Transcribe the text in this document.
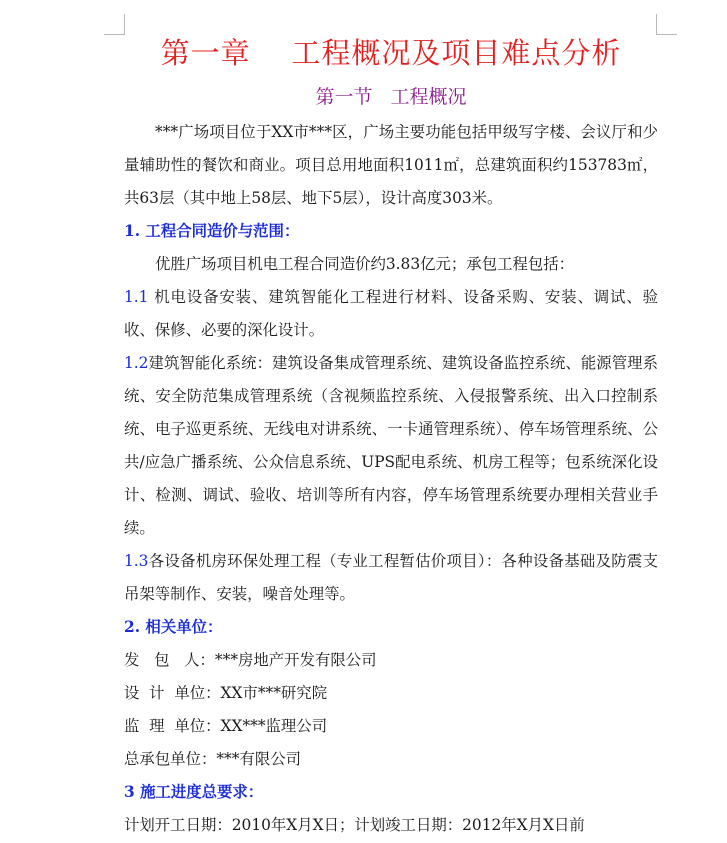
第一章    工程概况及项目难点分析
第一节   工程概况

***广场项目位于XX市***区，广场主要功能包括甲级写字楼、会议厅和少量辅助性的餐饮和商业。项目总用地面积1011㎡，总建筑面积约153783㎡，共63层（其中地上58层、地下5层），设计高度303米。

1. 工程合同造价与范围：

优胜广场项目机电工程合同造价约3.83亿元；承包工程包括：

1.1 机电设备安装、建筑智能化工程进行材料、设备采购、安装、调试、验收、保修、必要的深化设计。

1.2建筑智能化系统：建筑设备集成管理系统、建筑设备监控系统、能源管理系统、安全防范集成管理系统（含视频监控系统、入侵报警系统、出入口控制系统、电子巡更系统、无线电对讲系统、一卡通管理系统）、停车场管理系统、公共/应急广播系统、公众信息系统、UPS配电系统、机房工程等；包系统深化设计、检测、调试、验收、培训等所有内容，停车场管理系统要办理相关营业手续。

1.3各设备机房环保处理工程（专业工程暂估价项目）：各种设备基础及防震支吊架等制作、安装，噪音处理等。

2. 相关单位：

发   包   人：***房地产开发有限公司

设  计  单位：XX市***研究院

监  理  单位：XX***监理公司

总承包单位：***有限公司

3 施工进度总要求：

计划开工日期：2010年X月X日；计划竣工日期：2012年X月X日前
